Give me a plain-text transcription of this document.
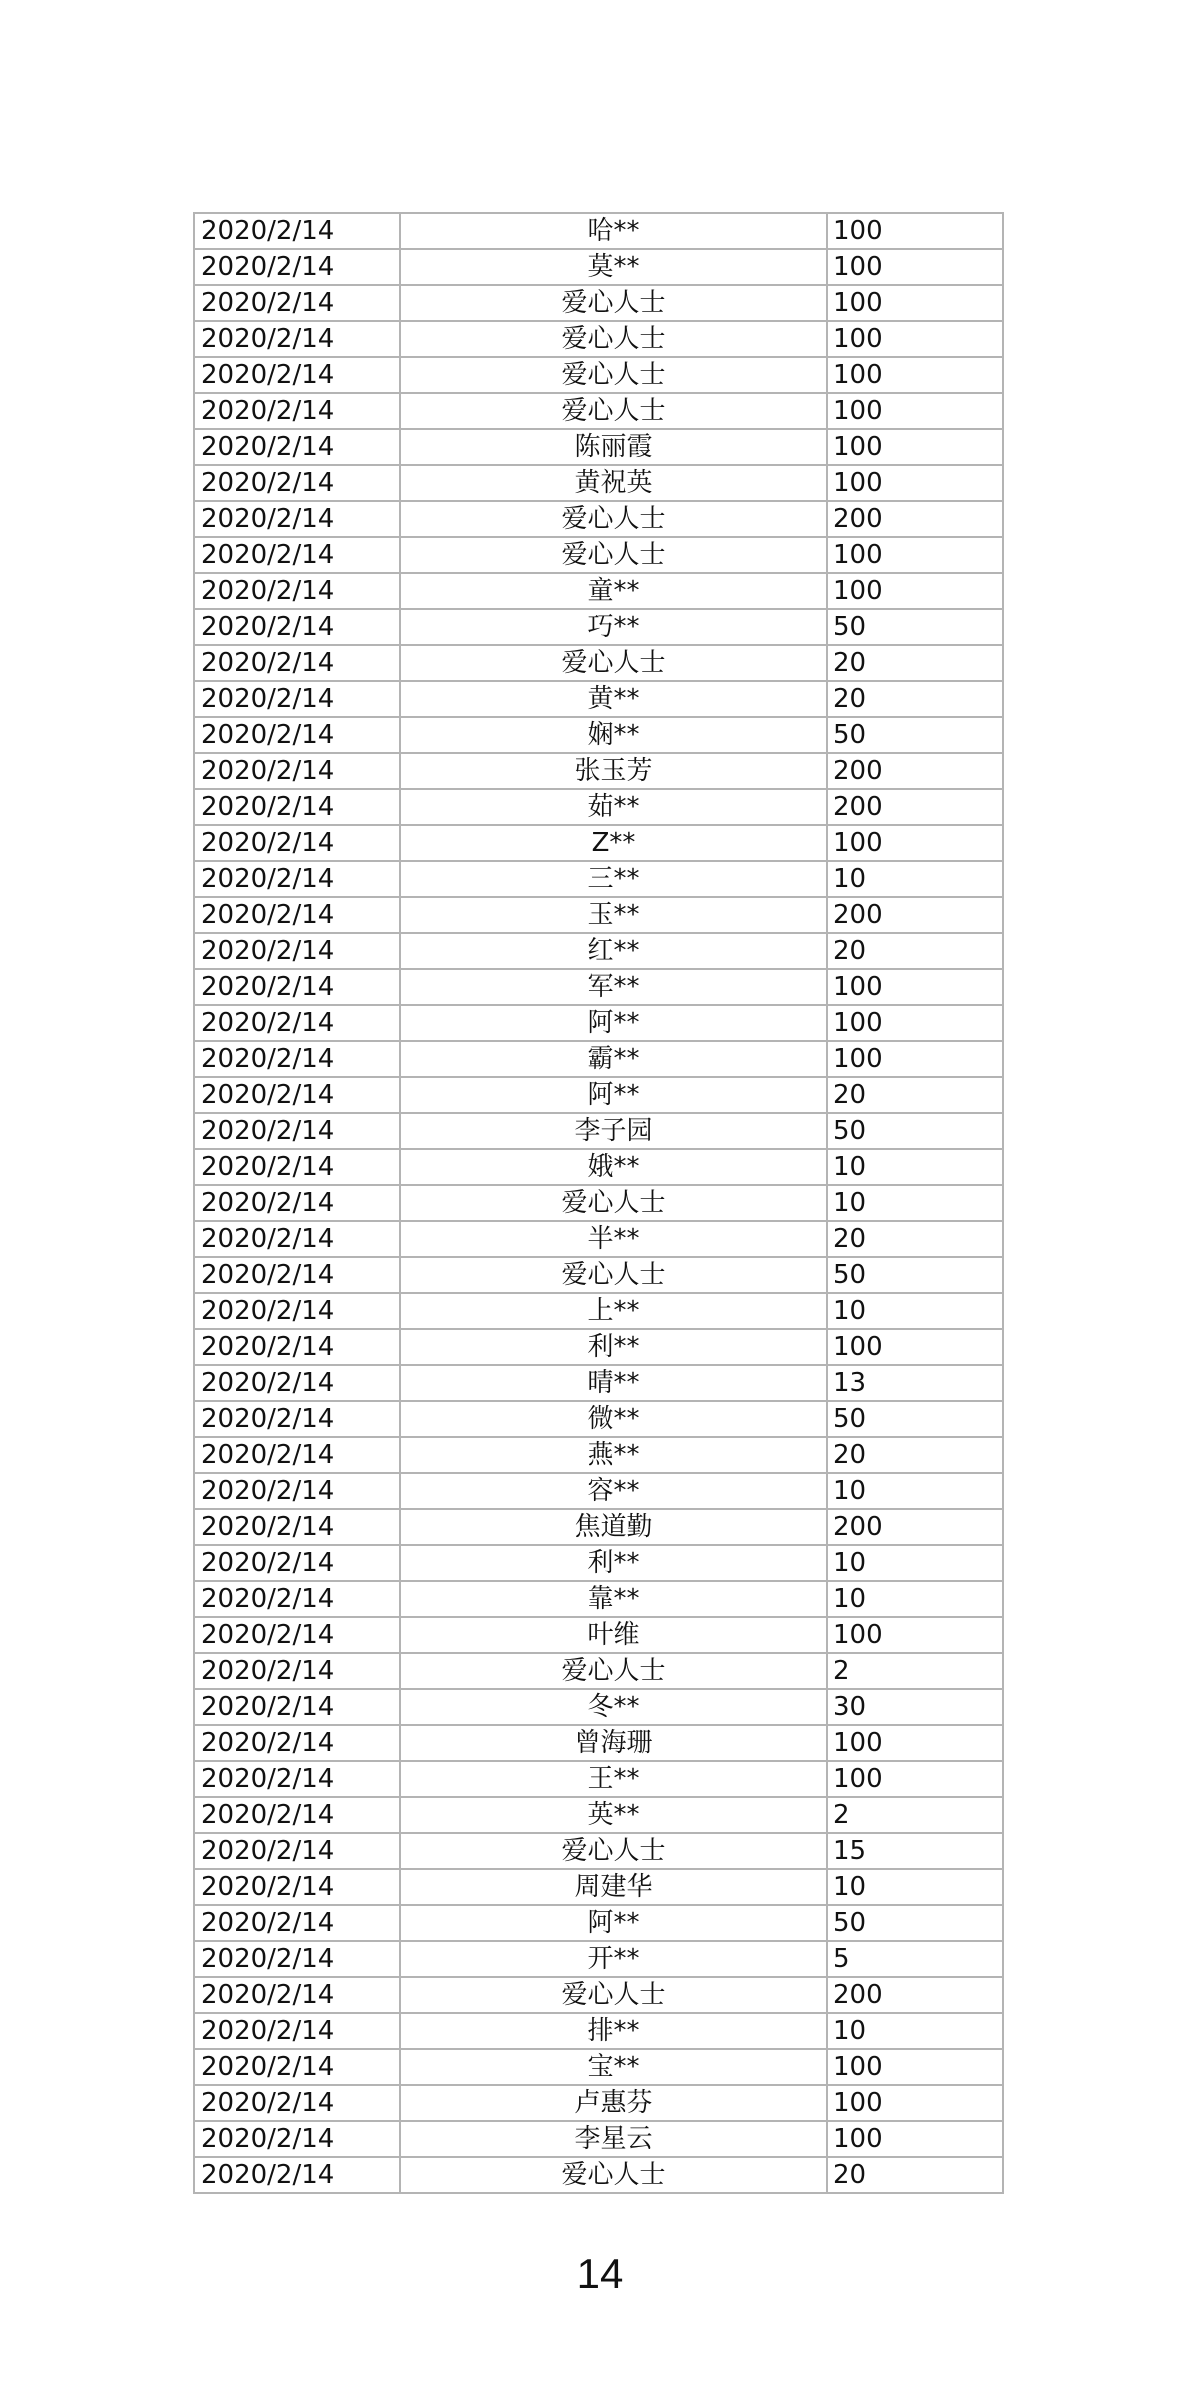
2020/2/14	哈**	100
2020/2/14	莫**	100
2020/2/14	爱心人士	100
2020/2/14	爱心人士	100
2020/2/14	爱心人士	100
2020/2/14	爱心人士	100
2020/2/14	陈丽霞	100
2020/2/14	黄祝英	100
2020/2/14	爱心人士	200
2020/2/14	爱心人士	100
2020/2/14	童**	100
2020/2/14	巧**	50
2020/2/14	爱心人士	20
2020/2/14	黄**	20
2020/2/14	娴**	50
2020/2/14	张玉芳	200
2020/2/14	茹**	200
2020/2/14	Z**	100
2020/2/14	三**	10
2020/2/14	玉**	200
2020/2/14	红**	20
2020/2/14	军**	100
2020/2/14	阿**	100
2020/2/14	霸**	100
2020/2/14	阿**	20
2020/2/14	李子园	50
2020/2/14	娥**	10
2020/2/14	爱心人士	10
2020/2/14	半**	20
2020/2/14	爱心人士	50
2020/2/14	上**	10
2020/2/14	利**	100
2020/2/14	晴**	13
2020/2/14	微**	50
2020/2/14	燕**	20
2020/2/14	容**	10
2020/2/14	焦道勤	200
2020/2/14	利**	10
2020/2/14	靠**	10
2020/2/14	叶维	100
2020/2/14	爱心人士	2
2020/2/14	冬**	30
2020/2/14	曾海珊	100
2020/2/14	王**	100
2020/2/14	英**	2
2020/2/14	爱心人士	15
2020/2/14	周建华	10
2020/2/14	阿**	50
2020/2/14	开**	5
2020/2/14	爱心人士	200
2020/2/14	排**	10
2020/2/14	宝**	100
2020/2/14	卢惠芬	100
2020/2/14	李星云	100
2020/2/14	爱心人士	20
14
